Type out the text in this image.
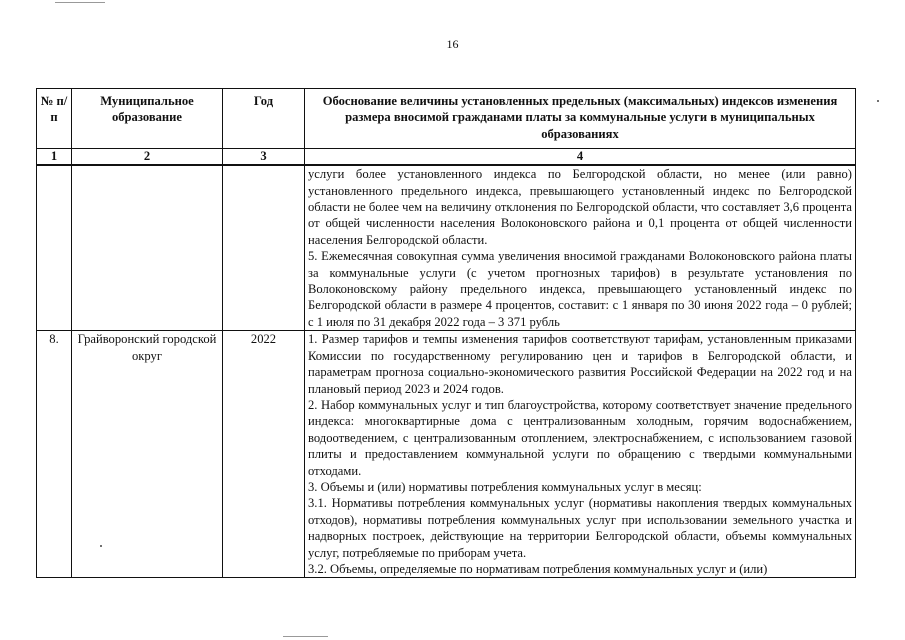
16
№ п/п	Муниципальное образование	Год	Обоснование величины установленных предельных (максимальных) индексов изменения размера вносимой гражданами платы за коммунальные услуги в муниципальных образованиях
1	2	3	4

			услуги более установленного индекса по Белгородской области, но менее (или равно) установленного предельного индекса, превышающего установленный индекс по Белгородской области не более чем на величину отклонения по Белгородской области, что составляет 3,6 процента от общей численности населения Волоконовского района и 0,1 процента от общей численности населения Белгородской области.
5. Ежемесячная совокупная сумма увеличения вносимой гражданами Волоконовского района платы за коммунальные услуги (с учетом прогнозных тарифов) в результате установления по Волоконовскому району предельного индекса, превышающего установленный индекс по Белгородской области в размере 4 процентов, составит: с 1 января по 30 июня 2022 года – 0 рублей; с 1 июля по 31 декабря 2022 года – 3 371 рубль

8.	Грайворонский городской округ	2022	1. Размер тарифов и темпы изменения тарифов соответствуют тарифам, установленным приказами Комиссии по государственному регулированию цен и тарифов в Белгородской области, и параметрам прогноза социально-экономического развития Российской Федерации на 2022 год и на плановый период 2023 и 2024 годов.
2. Набор коммунальных услуг и тип благоустройства, которому соответствует значение предельного индекса: многоквартирные дома с централизованным холодным, горячим водоснабжением, водоотведением, с централизованным отоплением, электроснабжением, с использованием газовой плиты и предоставлением коммунальной услуги по обращению с твердыми коммунальными отходами.
3. Объемы и (или) нормативы потребления коммунальных услуг в месяц:
3.1. Нормативы потребления коммунальных услуг (нормативы накопления твердых коммунальных отходов), нормативы потребления коммунальных услуг при использовании земельного участка и надворных построек, действующие на территории Белгородской области, объемы коммунальных услуг, потребляемые по приборам учета.
3.2. Объемы, определяемые по нормативам потребления коммунальных услуг и (или)
